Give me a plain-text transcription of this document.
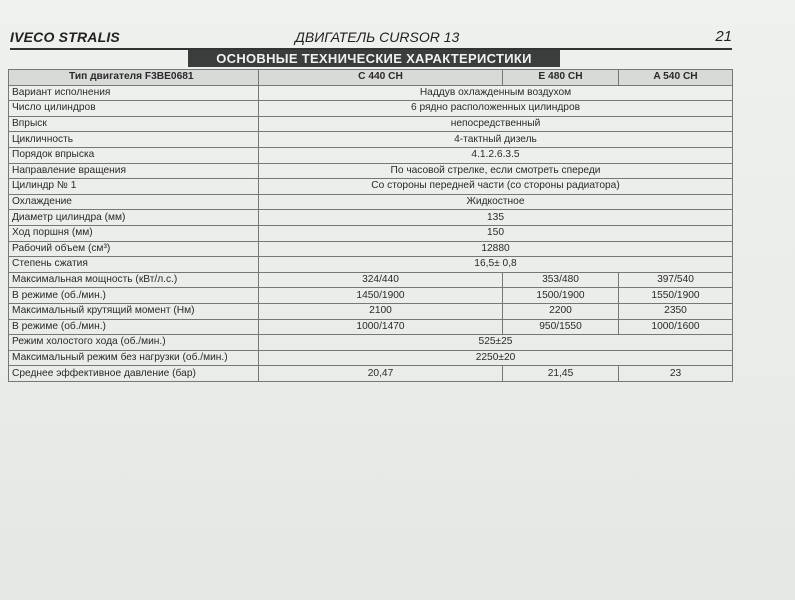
IVECO STRALIS	ДВИГАТЕЛЬ CURSOR 13	21
ОСНОВНЫЕ ТЕХНИЧЕСКИЕ ХАРАКТЕРИСТИКИ
Тип двигателя F3BE0681	C 440 CH	E 480 CH	A 540 CH
Вариант исполнения	Наддув охлажденным воздухом		
Число цилиндров	6 рядно расположенных цилиндров		
Впрыск	непосредственный		
Цикличность	4-тактный дизель		
Порядок впрыска	4.1.2.6.3.5		
Направление вращения	По часовой стрелке, если смотреть спереди		
Цилиндр № 1	Со стороны передней части (со стороны радиатора)		
Охлаждение	Жидкостное		
Диаметр цилиндра (мм)	135		
Ход поршня (мм)	150		
Рабочий объем (см³)	12880		
Степень сжатия	16,5± 0,8		
Максимальная мощность (кВт/л.с.)	324/440	353/480	397/540
В режиме (об./мин.)	1450/1900	1500/1900	1550/1900
Максимальный крутящий момент (Нм)	2100	2200	2350
В режиме (об./мин.)	1000/1470	950/1550	1000/1600
Режим холостого хода (об./мин.)	525±25		
Максимальный режим без нагрузки (об./мин.)	2250±20		
Среднее эффективное давление (бар)	20,47	21,45	23
